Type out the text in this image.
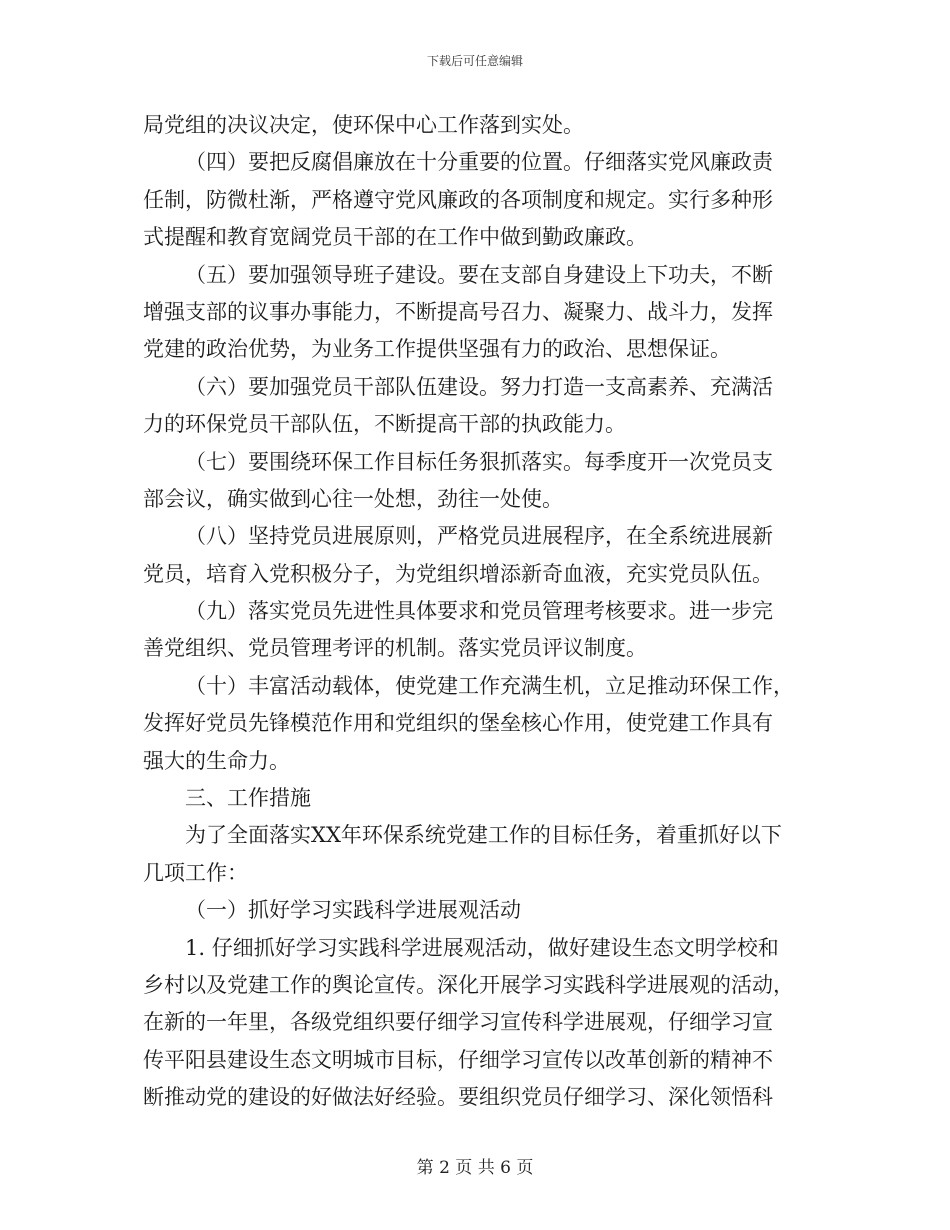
下载后可任意编辑
局党组的决议决定，使环保中心工作落到实处。
（四）要把反腐倡廉放在十分重要的位置。仔细落实党风廉政责
任制，防微杜渐，严格遵守党风廉政的各项制度和规定。实行多种形
式提醒和教育宽阔党员干部的在工作中做到勤政廉政。
（五）要加强领导班子建设。要在支部自身建设上下功夫，不断
增强支部的议事办事能力，不断提高号召力、凝聚力、战斗力，发挥
党建的政治优势，为业务工作提供坚强有力的政治、思想保证。
（六）要加强党员干部队伍建设。努力打造一支高素养、充满活
力的环保党员干部队伍，不断提高干部的执政能力。
（七）要围绕环保工作目标任务狠抓落实。每季度开一次党员支
部会议，确实做到心往一处想，劲往一处使。
（八）坚持党员进展原则，严格党员进展程序，在全系统进展新
党员，培育入党积极分子，为党组织增添新奇血液，充实党员队伍。
（九）落实党员先进性具体要求和党员管理考核要求。进一步完
善党组织、党员管理考评的机制。落实党员评议制度。
（十）丰富活动载体，使党建工作充满生机，立足推动环保工作，
发挥好党员先锋模范作用和党组织的堡垒核心作用，使党建工作具有
强大的生命力。
三、工作措施
为了全面落实XX年环保系统党建工作的目标任务，着重抓好以下
几项工作：
（一）抓好学习实践科学进展观活动
1. 仔细抓好学习实践科学进展观活动，做好建设生态文明学校和
乡村以及党建工作的舆论宣传。深化开展学习实践科学进展观的活动，
在新的一年里，各级党组织要仔细学习宣传科学进展观，仔细学习宣
传平阳县建设生态文明城市目标，仔细学习宣传以改革创新的精神不
断推动党的建设的好做法好经验。要组织党员仔细学习、深化领悟科
第 2 页 共 6 页
